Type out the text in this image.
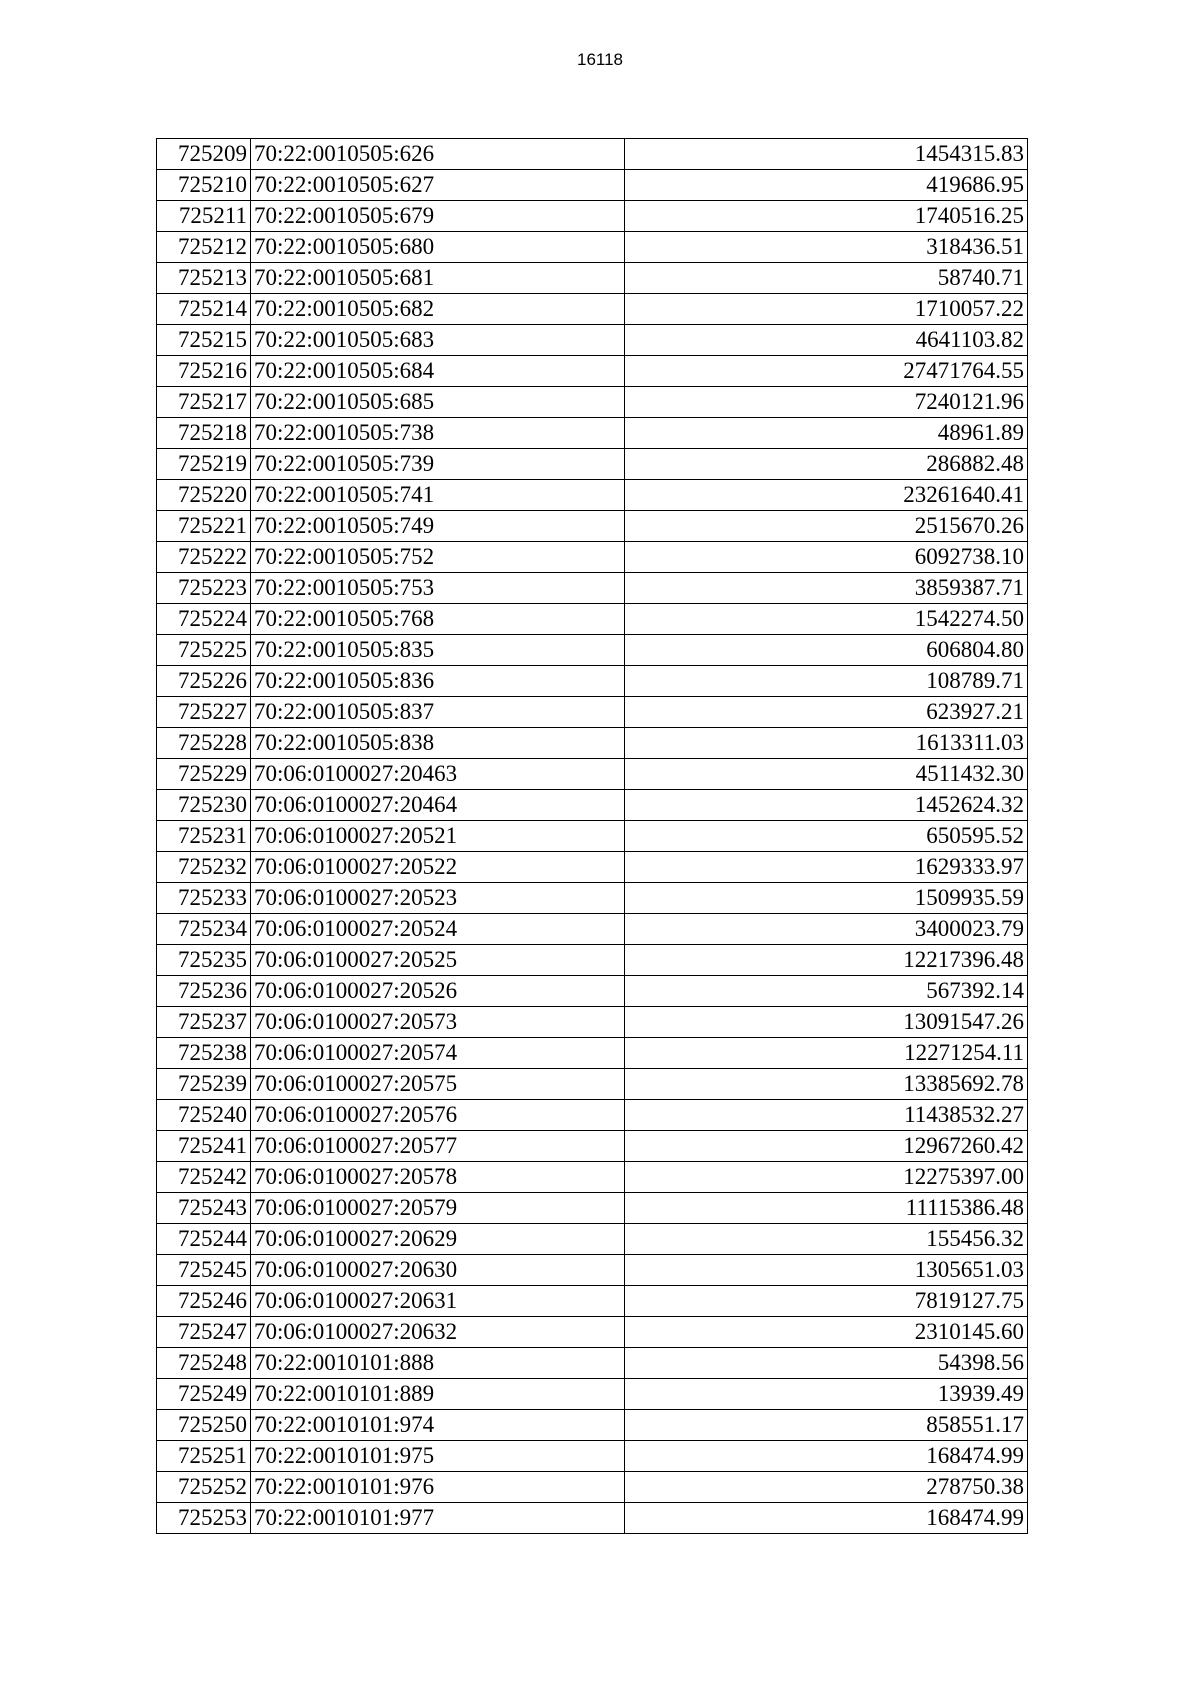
16118
725209	70:22:0010505:626	1454315.83
725210	70:22:0010505:627	419686.95
725211	70:22:0010505:679	1740516.25
725212	70:22:0010505:680	318436.51
725213	70:22:0010505:681	58740.71
725214	70:22:0010505:682	1710057.22
725215	70:22:0010505:683	4641103.82
725216	70:22:0010505:684	27471764.55
725217	70:22:0010505:685	7240121.96
725218	70:22:0010505:738	48961.89
725219	70:22:0010505:739	286882.48
725220	70:22:0010505:741	23261640.41
725221	70:22:0010505:749	2515670.26
725222	70:22:0010505:752	6092738.10
725223	70:22:0010505:753	3859387.71
725224	70:22:0010505:768	1542274.50
725225	70:22:0010505:835	606804.80
725226	70:22:0010505:836	108789.71
725227	70:22:0010505:837	623927.21
725228	70:22:0010505:838	1613311.03
725229	70:06:0100027:20463	4511432.30
725230	70:06:0100027:20464	1452624.32
725231	70:06:0100027:20521	650595.52
725232	70:06:0100027:20522	1629333.97
725233	70:06:0100027:20523	1509935.59
725234	70:06:0100027:20524	3400023.79
725235	70:06:0100027:20525	12217396.48
725236	70:06:0100027:20526	567392.14
725237	70:06:0100027:20573	13091547.26
725238	70:06:0100027:20574	12271254.11
725239	70:06:0100027:20575	13385692.78
725240	70:06:0100027:20576	11438532.27
725241	70:06:0100027:20577	12967260.42
725242	70:06:0100027:20578	12275397.00
725243	70:06:0100027:20579	11115386.48
725244	70:06:0100027:20629	155456.32
725245	70:06:0100027:20630	1305651.03
725246	70:06:0100027:20631	7819127.75
725247	70:06:0100027:20632	2310145.60
725248	70:22:0010101:888	54398.56
725249	70:22:0010101:889	13939.49
725250	70:22:0010101:974	858551.17
725251	70:22:0010101:975	168474.99
725252	70:22:0010101:976	278750.38
725253	70:22:0010101:977	168474.99
